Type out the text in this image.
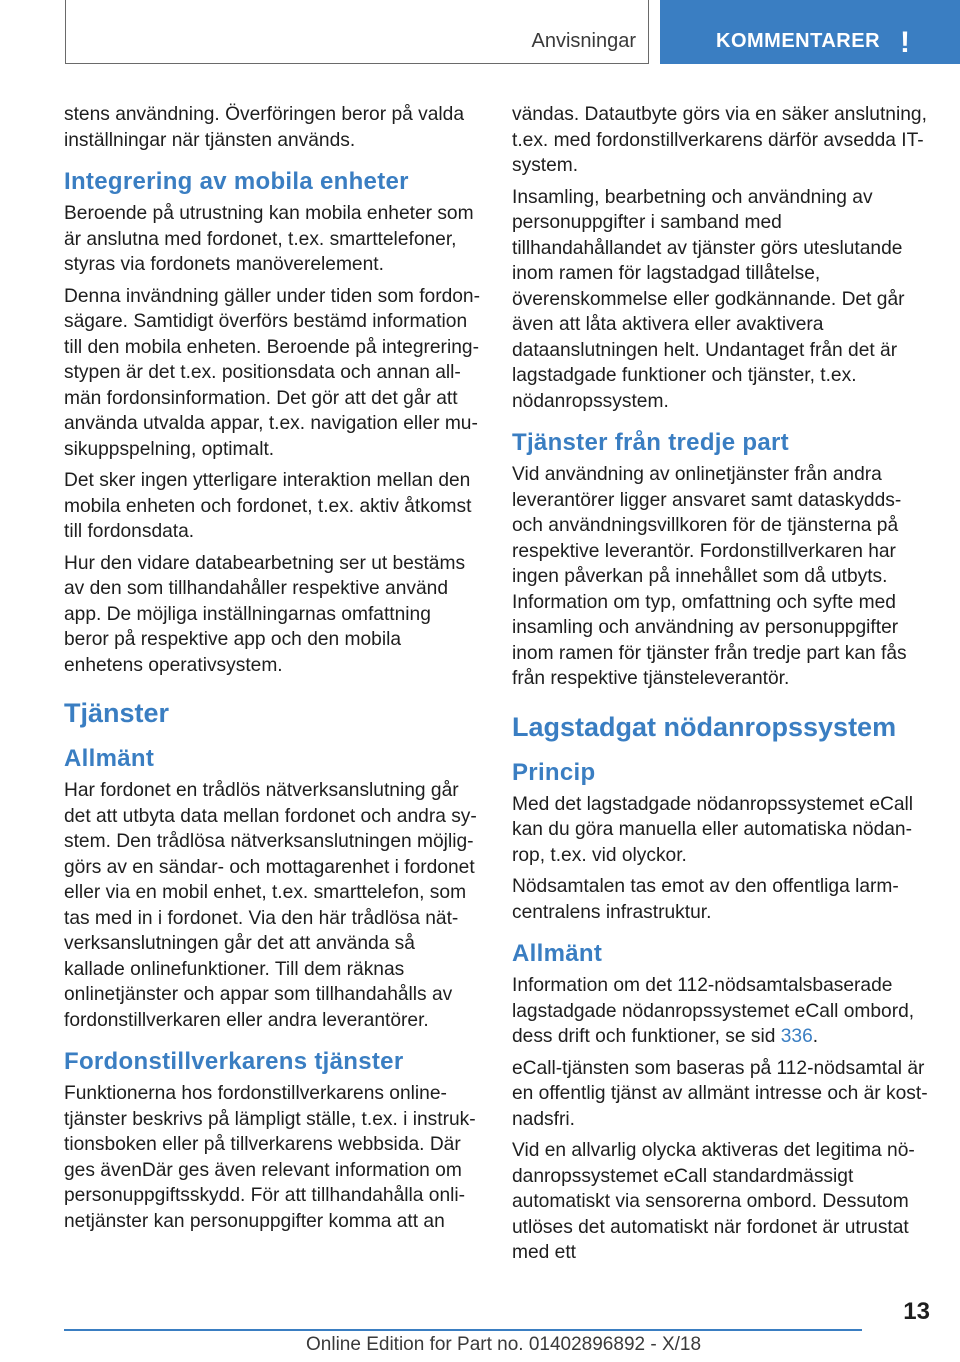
Anvisningar	KOMMENTARER !

stens användning. Överföringen beror på valda inställningar när tjänsten används.

Integrering av mobila enheter

Beroende på utrustning kan mobila enheter som är anslutna med fordonet, t.ex. smarttelefoner, styras via fordonets manöverelement.

Denna invändning gäller under tiden som fordonsägare. Samtidigt överförs bestämd information till den mobila enheten. Beroende på integreringstypen är det t.ex. positionsdata och annan allmän fordonsinformation. Det gör att det går att använda utvalda appar, t.ex. navigation eller musikuppspelning, optimalt.

Det sker ingen ytterligare interaktion mellan den mobila enheten och fordonet, t.ex. aktiv åtkomst till fordonsdata.

Hur den vidare databearbetning ser ut bestäms av den som tillhandahåller respektive använd app. De möjliga inställningarnas omfattning beror på respektive app och den mobila enhetens operativsystem.

Tjänster
Allmänt

Har fordonet en trådlös nätverksanslutning går det att utbyta data mellan fordonet och andra system. Den trådlösa nätverksanslutningen möjliggörs av en sändar- och mottagarenhet i fordonet eller via en mobil enhet, t.ex. smarttelefon, som tas med in i fordonet. Via den här trådlösa nätverksanslutningen går det att använda så kallade onlinefunktioner. Till dem räknas onlinetjänster och appar som tillhandahålls av fordonstillverkaren eller andra leverantörer.

Fordonstillverkarens tjänster

Funktionerna hos fordonstillverkarens onlinetjänster beskrivs på lämpligt ställe, t.ex. i instruktionsboken eller på tillverkarens webbsida. Där ges ävenDär ges även relevant information om personuppgiftsskydd. För att tillhandahålla onlinetjänster kan personuppgifter komma att an

vändas. Datautbyte görs via en säker anslutning, t.ex. med fordonstillverkarens därför avsedda IT-system.

Insamling, bearbetning och användning av personuppgifter i samband med tillhandahållandet av tjänster görs uteslutande inom ramen för lagstadgad tillåtelse, överenskommelse eller godkännande. Det går även att låta aktivera eller avaktivera dataanslutningen helt. Undantaget från det är lagstadgade funktioner och tjänster, t.ex. nödanropssystem.

Tjänster från tredje part

Vid användning av onlinetjänster från andra leverantörer ligger ansvaret samt dataskydds- och användningsvillkoren för de tjänsterna på respektive leverantör. Fordonstillverkaren har ingen påverkan på innehållet som då utbyts. Information om typ, omfattning och syfte med insamling och användning av personuppgifter inom ramen för tjänster från tredje part kan fås från respektive tjänsteleverantör.

Lagstadgat nödanropssystem
Princip

Med det lagstadgade nödanropssystemet eCall kan du göra manuella eller automatiska nödanrop, t.ex. vid olyckor.

Nödsamtalen tas emot av den offentliga larmcentralens infrastruktur.

Allmänt

Information om det 112-nödsamtalsbaserade lagstadgade nödanropssystemet eCall ombord, dess drift och funktioner, se sid 336.

eCall-tjänsten som baseras på 112-nödsamtal är en offentlig tjänst av allmänt intresse och är kostnadsfri.

Vid en allvarlig olycka aktiveras det legitima nödanropssystemet eCall standardmässigt automatiskt via sensorerna ombord. Dessutom utlöses det automatiskt när fordonet är utrustat med ett

13
Online Edition for Part no. 01402896892 - X/18
